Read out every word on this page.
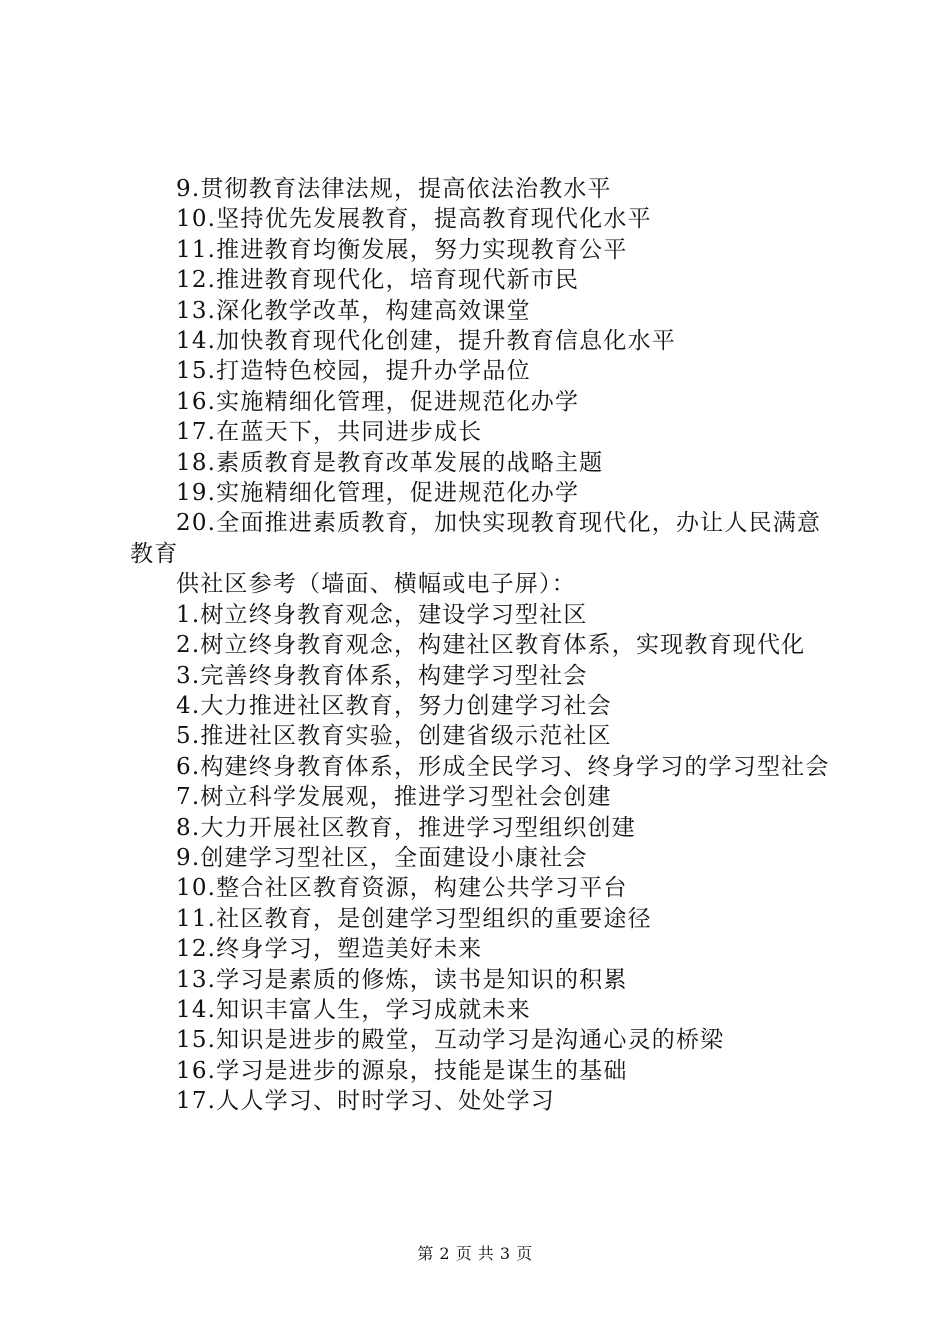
9.贯彻教育法律法规，提高依法治教水平

10.坚持优先发展教育，提高教育现代化水平

11.推进教育均衡发展，努力实现教育公平

12.推进教育现代化，培育现代新市民

13.深化教学改革，构建高效课堂

14.加快教育现代化创建，提升教育信息化水平

15.打造特色校园，提升办学品位

16.实施精细化管理，促进规范化办学

17.在蓝天下，共同进步成长

18.素质教育是教育改革发展的战略主题

19.实施精细化管理，促进规范化办学

20.全面推进素质教育，加快实现教育现代化，办让人民满意教育

供社区参考（墙面、横幅或电子屏）：

1.树立终身教育观念，建设学习型社区

2.树立终身教育观念，构建社区教育体系，实现教育现代化

3.完善终身教育体系，构建学习型社会

4.大力推进社区教育，努力创建学习社会

5.推进社区教育实验，创建省级示范社区

6.构建终身教育体系，形成全民学习、终身学习的学习型社会

7.树立科学发展观，推进学习型社会创建

8.大力开展社区教育，推进学习型组织创建

9.创建学习型社区，全面建设小康社会

10.整合社区教育资源，构建公共学习平台

11.社区教育，是创建学习型组织的重要途径

12.终身学习，塑造美好未来

13.学习是素质的修炼，读书是知识的积累

14.知识丰富人生，学习成就未来

15.知识是进步的殿堂，互动学习是沟通心灵的桥梁

16.学习是进步的源泉，技能是谋生的基础

17.人人学习、时时学习、处处学习

第 2 页 共 3 页
